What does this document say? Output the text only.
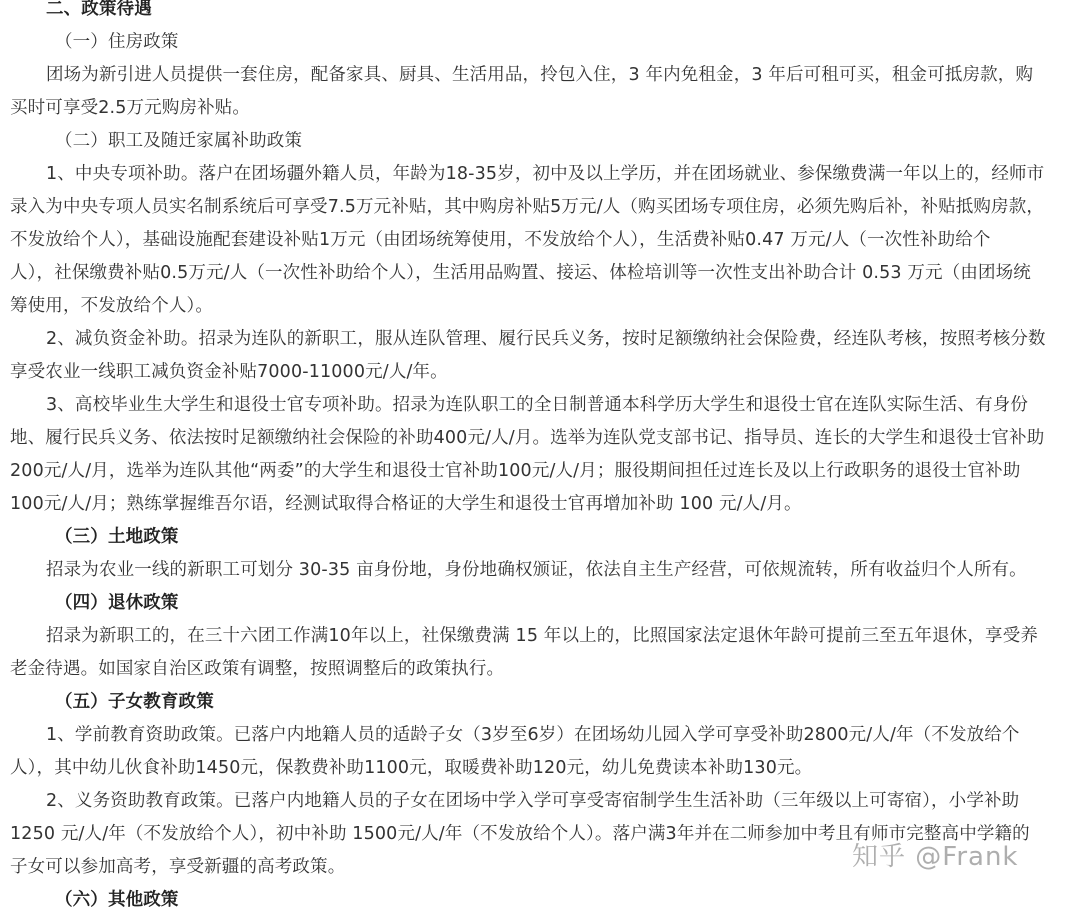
二、政策待遇
（一）住房政策
团场为新引进人员提供一套住房，配备家具、厨具、生活用品，拎包入住，3 年内免租金，3 年后可租可买，租金可抵房款，购
买时可享受2.5万元购房补贴。
（二）职工及随迁家属补助政策
1、中央专项补助。落户在团场疆外籍人员，年龄为18-35岁，初中及以上学历，并在团场就业、参保缴费满一年以上的，经师市
录入为中央专项人员实名制系统后可享受7.5万元补贴，其中购房补贴5万元/人（购买团场专项住房，必须先购后补，补贴抵购房款，
不发放给个人），基础设施配套建设补贴1万元（由团场统筹使用，不发放给个人），生活费补贴0.47 万元/人（一次性补助给个
人），社保缴费补贴0.5万元/人（一次性补助给个人），生活用品购置、接运、体检培训等一次性支出补助合计 0.53 万元（由团场统
筹使用，不发放给个人）。
2、减负资金补助。招录为连队的新职工，服从连队管理、履行民兵义务，按时足额缴纳社会保险费，经连队考核，按照考核分数
享受农业一线职工减负资金补贴7000-11000元/人/年。
3、高校毕业生大学生和退役士官专项补助。招录为连队职工的全日制普通本科学历大学生和退役士官在连队实际生活、有身份
地、履行民兵义务、依法按时足额缴纳社会保险的补助400元/人/月。选举为连队党支部书记、指导员、连长的大学生和退役士官补助
200元/人/月，选举为连队其他“两委”的大学生和退役士官补助100元/人/月；服役期间担任过连长及以上行政职务的退役士官补助
100元/人/月；熟练掌握维吾尔语，经测试取得合格证的大学生和退役士官再增加补助 100 元/人/月。
（三）土地政策
招录为农业一线的新职工可划分 30-35 亩身份地，身份地确权颁证，依法自主生产经营，可依规流转，所有收益归个人所有。
（四）退休政策
招录为新职工的，在三十六团工作满10年以上，社保缴费满 15 年以上的，比照国家法定退休年龄可提前三至五年退休，享受养
老金待遇。如国家自治区政策有调整，按照调整后的政策执行。
（五）子女教育政策
1、学前教育资助政策。已落户内地籍人员的适龄子女（3岁至6岁）在团场幼儿园入学可享受补助2800元/人/年（不发放给个
人），其中幼儿伙食补助1450元，保教费补助1100元，取暖费补助120元，幼儿免费读本补助130元。
2、义务资助教育政策。已落户内地籍人员的子女在团场中学入学可享受寄宿制学生生活补助（三年级以上可寄宿），小学补助
1250 元/人/年（不发放给个人），初中补助 1500元/人/年（不发放给个人）。落户满3年并在二师参加中考且有师市完整高中学籍的
子女可以参加高考，享受新疆的高考政策。
（六）其他政策
知乎 @Frank
